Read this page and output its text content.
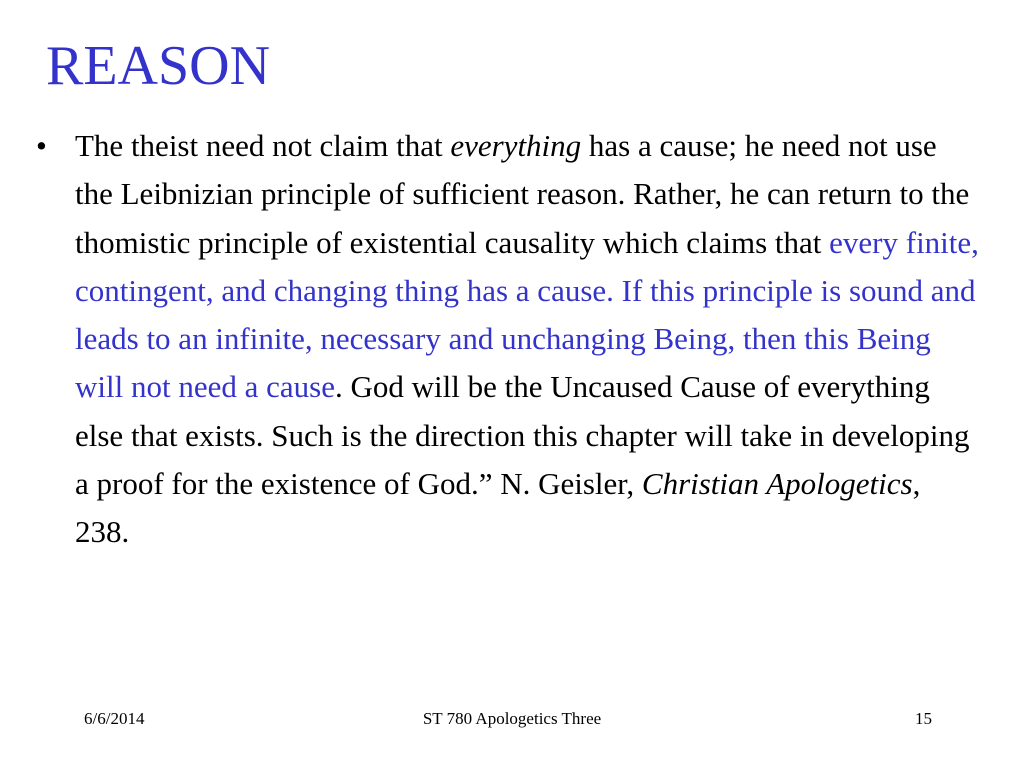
REASON
• The theist need not claim that everything has a cause; he need not use the Leibnizian principle of sufficient reason. Rather, he can return to the thomistic principle of existential causality which claims that every finite, contingent, and changing thing has a cause. If this principle is sound and leads to an infinite, necessary and unchanging Being, then this Being will not need a cause. God will be the Uncaused Cause of everything else that exists. Such is the direction this chapter will take in developing a proof for the existence of God.” N. Geisler, Christian Apologetics, 238.
6/6/2014	ST 780 Apologetics Three	15
